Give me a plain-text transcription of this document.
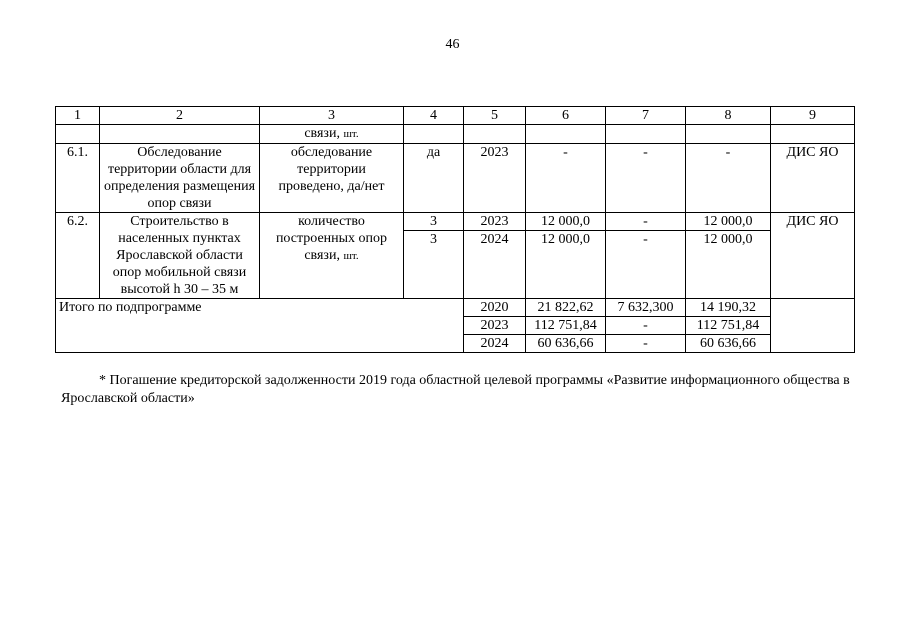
46
1	2	3	4	5	6	7	8	9
		связи, шт.						
6.1.	Обследование территории области для определения размещения опор связи	обследование территории проведено, да/нет	да	2023	-	-	-	ДИС ЯО
6.2.	Строительство в населенных пунктах Ярославской области опор мобильной связи высотой h 30 – 35 м	количество построенных опор связи, шт.	3	2023	12 000,0	-	12 000,0	ДИС ЯО
			3	2024	12 000,0	-	12 000,0	
Итого по подпрограмме				2020	21 822,62	7 632,300	14 190,32	
				2023	112 751,84	-	112 751,84	
				2024	60 636,66	-	60 636,66	
* Погашение кредиторской задолженности 2019 года областной целевой программы «Развитие информационного общества в Ярославской области»
